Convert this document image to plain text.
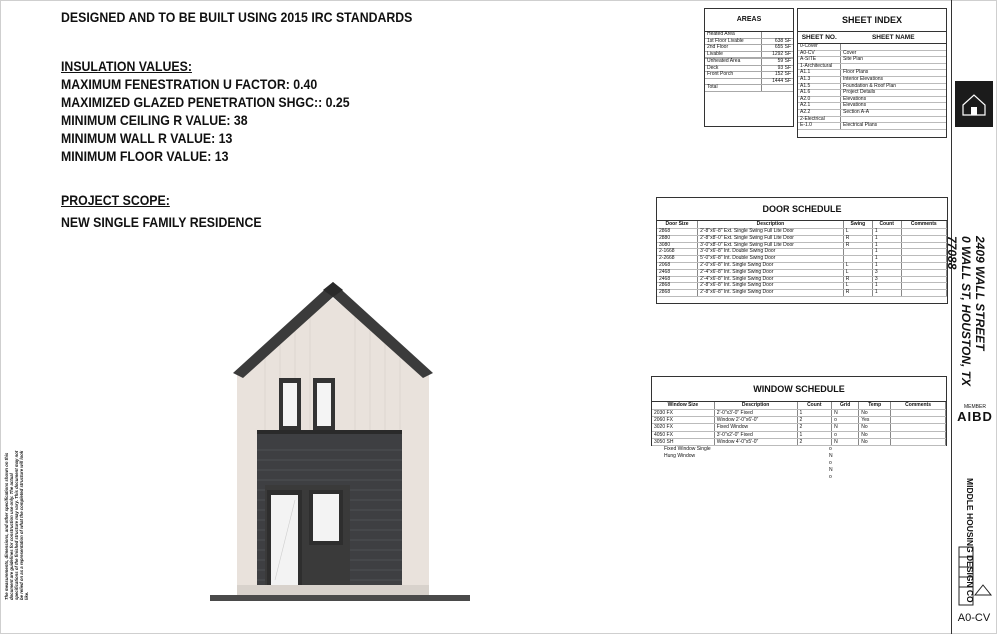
DESIGNED AND TO BE BUILT USING 2015 IRC STANDARDS
INSULATION VALUES:
MAXIMUM FENESTRATION U FACTOR: 0.40
MAXIMIZED GLAZED PENETRATION SHGC:: 0.25
MINIMUM CEILING R VALUE: 38
MINIMUM WALL R VALUE: 13
MINIMUM FLOOR VALUE: 13
PROJECT SCOPE:
NEW SINGLE FAMILY RESIDENCE
AREAS
Heated Area	
1st Floor Livable	638 SF
2nd Floor	655 SF
Livable	1292 SF

Unheated Area	59 SF
Deck	93 SF
Front Porch	152 SF
	1444 SF
Total	
SHEET INDEX
SHEET NO.	SHEET NAME
0-Cover	
A0-CV	Cover
A-SITE	Site Plan
1-Architectural	
A1.1	Floor Plans
A1.3	Interior Elevations
A1.5	Foundation & Roof Plan
A1.6	Project Details
A2.0	Elevations
A2.1	Elevations
A2.2	Section A-A
2-Electrical	
E-1.0	Electrical Plans
DOOR SCHEDULE
Door Size	Description	Swing	Count	Comments
2868	2'-8"x6'-8" Ext. Single Swing Full Lite Door	L	1	
2880	2'-8"x8'-0" Ext. Single Swing Full Lite Door	R	1	
3080	3'-0"x8'-0" Ext. Single Swing Full Lite Door	R	1	
2-1668	3'-0"x6'-8" Int. Double Swing Door		1	
2-2668	5'-0"x6'-8" Int. Double Swing Door		1	
2068	2'-0"x6'-8" Int. Single Swing Door	L	1	
2468	2'-4"x6'-8" Int. Single Swing Door	L	3	
2468	2'-4"x6'-8" Int. Single Swing Door	R	3	
2868	2'-8"x6'-8" Int. Single Swing Door	L	1	
2868	2'-8"x6'-8" Int. Single Swing Door	R	1	
WINDOW SCHEDULE
Window Size	Description	Count	Grid	Temp	Comments
2030 FX	2'-0"x3'-0" Fixed	1	N	No	
2060 FX	Window 2'-0"x6'-0"	2	o	Yes	
3020 FX	Fixed Window	2	N	No	
4050 FX	3'-0"x2'-0" Fixed	1	o	No	
3050 SH	Window 4'-0"x5'-0"	2	N	No	
Fixed Window Single	o
Hung Window	N
o
N
o
The measurements, dimensions, and other specifications shown on this document are guidelines for construction use only. The actual specifications of the finished structure may vary. This document may not be relied on as a representation of what the completed structure will look like.
2409 WALL STREET
0 WALL ST, HOUSTON, TX
77088
MEMBER
AIBD
MIDDLE HOUSING DESIGN CO
A0-CV
